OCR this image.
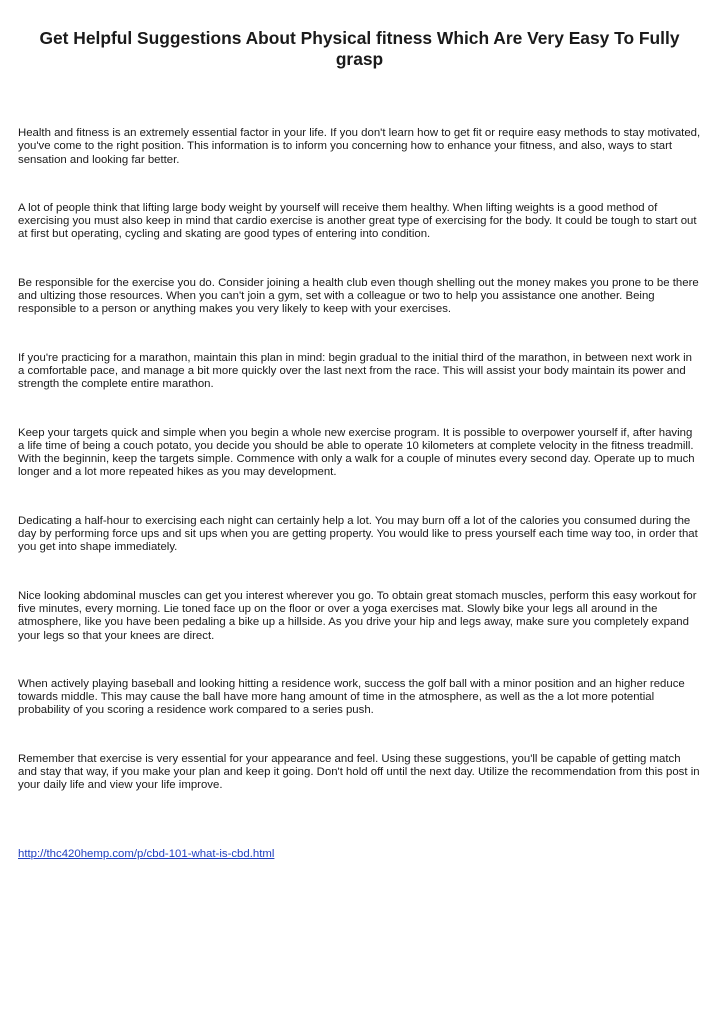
Get Helpful Suggestions About Physical fitness Which Are Very Easy To Fully grasp

Health and fitness is an extremely essential factor in your life. If you don't learn how to get fit or require easy methods to stay motivated, you've come to the right position. This information is to inform you concerning how to enhance your fitness, and also, ways to start sensation and looking far better.

A lot of people think that lifting large body weight by yourself will receive them healthy. When lifting weights is a good method of exercising you must also keep in mind that cardio exercise is another great type of exercising for the body. It could be tough to start out at first but operating, cycling and skating are good types of entering into condition.

Be responsible for the exercise you do. Consider joining a health club even though shelling out the money makes you prone to be there and ultizing those resources. When you can't join a gym, set with a colleague or two to help you assistance one another. Being responsible to a person or anything makes you very likely to keep with your exercises.

If you're practicing for a marathon, maintain this plan in mind: begin gradual to the initial third of the marathon, in between next work in a comfortable pace, and manage a bit more quickly over the last next from the race. This will assist your body maintain its power and strength the complete entire marathon.

Keep your targets quick and simple when you begin a whole new exercise program. It is possible to overpower yourself if, after having a life time of being a couch potato, you decide you should be able to operate 10 kilometers at complete velocity in the fitness treadmill. With the beginnin, keep the targets simple. Commence with only a walk for a couple of minutes every second day. Operate up to much longer and a lot more repeated hikes as you may development.

Dedicating a half-hour to exercising each night can certainly help a lot. You may burn off a lot of the calories you consumed during the day by performing force ups and sit ups when you are getting property. You would like to press yourself each time way too, in order that you get into shape immediately.

Nice looking abdominal muscles can get you interest wherever you go. To obtain great stomach muscles, perform this easy workout for five minutes, every morning. Lie toned face up on the floor or over a yoga exercises mat. Slowly bike your legs all around in the atmosphere, like you have been pedaling a bike up a hillside. As you drive your hip and legs away, make sure you completely expand your legs so that your knees are direct.

When actively playing baseball and looking hitting a residence work, success the golf ball with a minor position and an higher reduce towards middle. This may cause the ball have more hang amount of time in the atmosphere, as well as the a lot more potential probability of you scoring a residence work compared to a series push.

Remember that exercise is very essential for your appearance and feel. Using these suggestions, you'll be capable of getting match and stay that way, if you make your plan and keep it going. Don't hold off until the next day. Utilize the recommendation from this post in your daily life and view your life improve.

http://thc420hemp.com/p/cbd-101-what-is-cbd.html
